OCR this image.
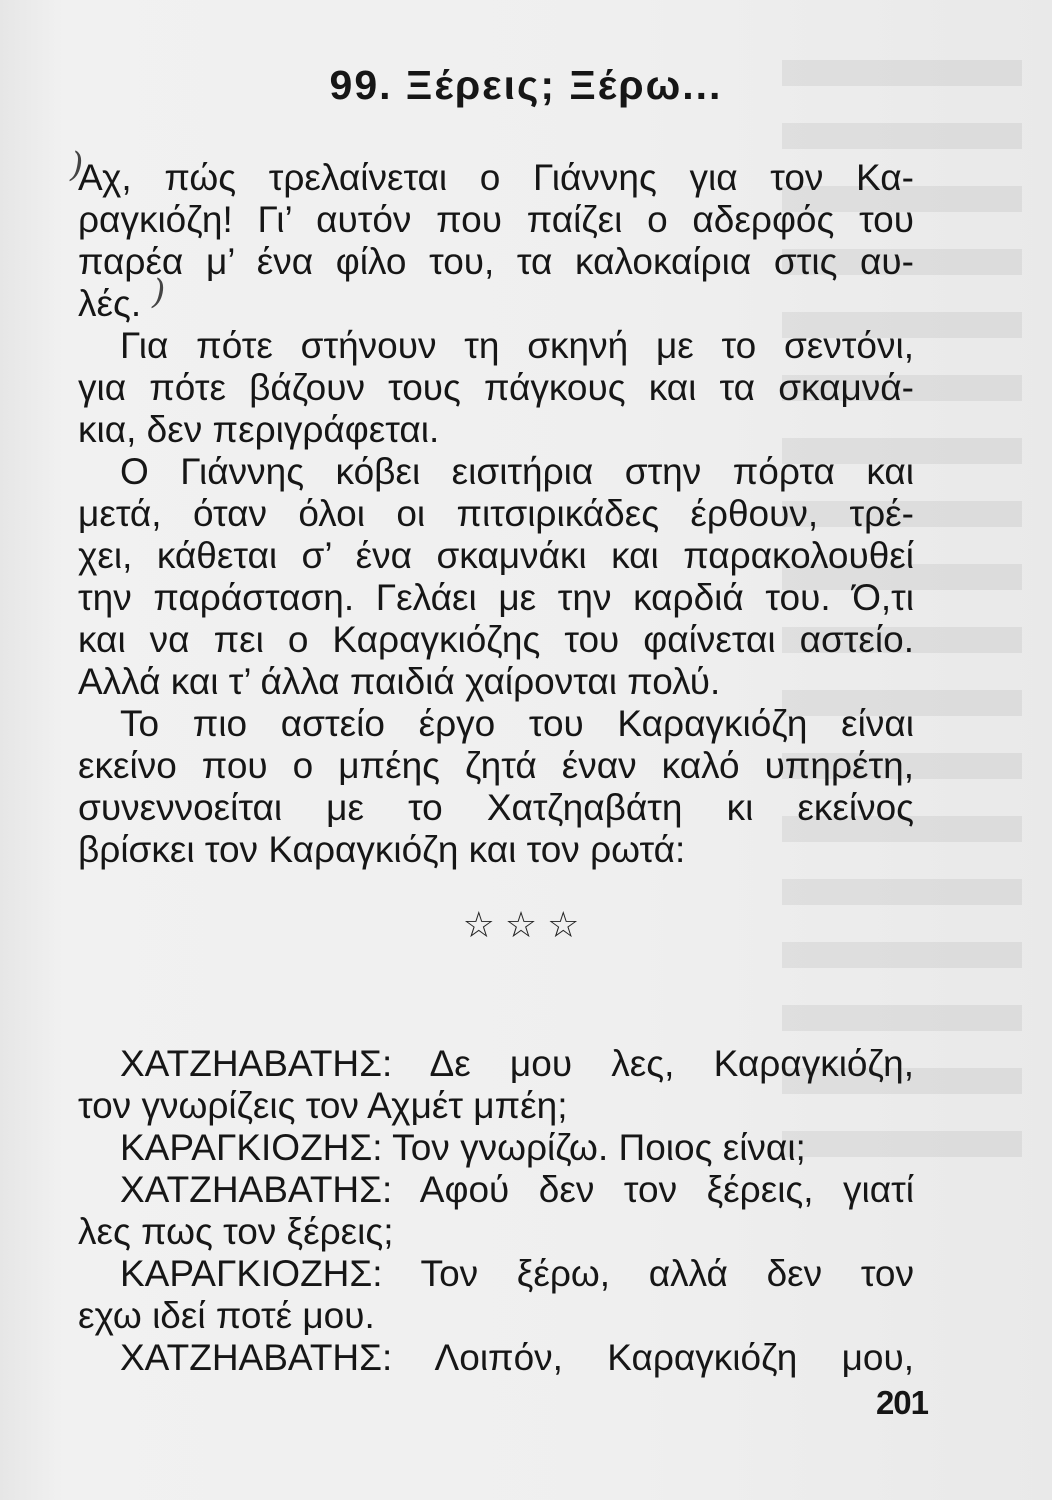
99. Ξέρεις; Ξέρω...
)
)

Αχ, πώς τρελαίνεται ο Γιάννης για τον Κα-

ραγκιόζη! Γι’ αυτόν που παίζει ο αδερφός του

παρέα μ’ ένα φίλο του, τα καλοκαίρια στις αυ-

λές.

Για πότε στήνουν τη σκηνή με το σεντόνι,

για πότε βάζουν τους πάγκους και τα σκαμνά-

κια, δεν περιγράφεται.

Ο Γιάννης κόβει εισιτήρια στην πόρτα και

μετά, όταν όλοι οι πιτσιρικάδες έρθουν, τρέ-

χει, κάθεται σ’ ένα σκαμνάκι και παρακολουθεί

την παράσταση. Γελάει με την καρδιά του. Ό,τι

και να πει ο Καραγκιόζης του φαίνεται αστείο.

Αλλά και τ’ άλλα παιδιά χαίρονται πολύ.

Το πιο αστείο έργο του Καραγκιόζη είναι

εκείνο που ο μπέης ζητά έναν καλό υπηρέτη,

συνεννοείται με το Χατζηαβάτη κι εκείνος

βρίσκει τον Καραγκιόζη και τον ρωτά:

☆☆☆

ΧΑΤΖΗΑΒΑΤΗΣ: Δε μου λες, Καραγκιόζη,

τον γνωρίζεις τον Αχμέτ μπέη;

ΚΑΡΑΓΚΙΟΖΗΣ: Τον γνωρίζω. Ποιος είναι;

ΧΑΤΖΗΑΒΑΤΗΣ: Αφού δεν τον ξέρεις, γιατί

λες πως τον ξέρεις;

ΚΑΡΑΓΚΙΟΖΗΣ: Τον ξέρω, αλλά δεν τον

εχω ιδεί ποτέ μου.

ΧΑΤΖΗΑΒΑΤΗΣ: Λοιπόν, Καραγκιόζη μου,

201
